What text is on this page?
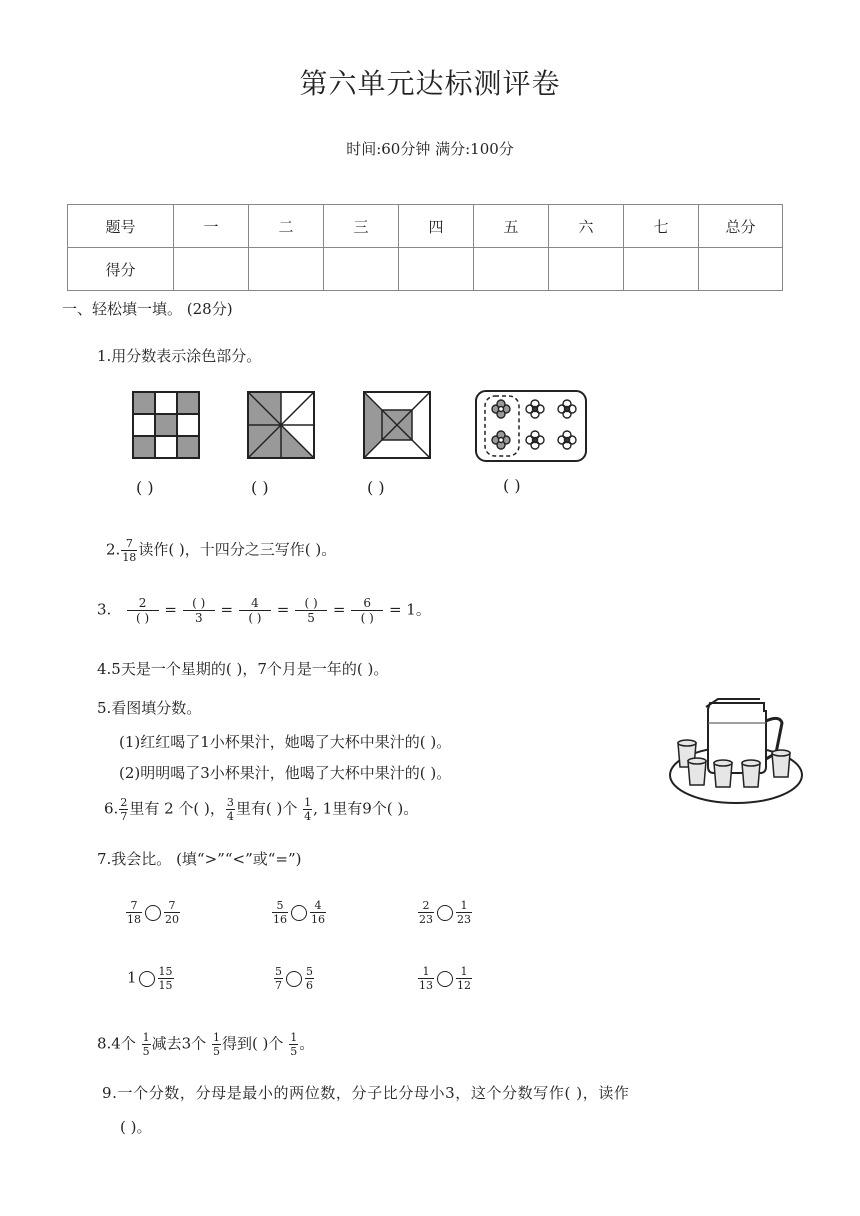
第六单元达标测评卷
时间:60分钟 满分:100分
题号	一	二	三	四	五	六	七	总分
得分								
一、轻松填一填。 (28分)
1.用分数表示涂色部分。
( )	( )	( )	( )
2. $\frac{7}{18}$ 读作( )，十四分之三写作( )。
3. $\frac{2}{( )} = \frac{( )}{3} = \frac{4}{( )} = \frac{( )}{5} = \frac{6}{( )} = 1$。
4.5天是一个星期的( )，7个月是一年的( )。
5.看图填分数。
(1)红红喝了1小杯果汁，她喝了大杯中果汁的( )。
(2)明明喝了3小杯果汁，他喝了大杯中果汁的( )。
6. $\frac{2}{7}$ 里有 2 个( )， $\frac{3}{4}$ 里有( )个 $\frac{1}{4}$ , 1里有9个( )。
7.我会比。 (填“>”“<”或“=”)
$\frac{7}{18} \frac{7}{20}$	$\frac{5}{16} \frac{4}{16}$	$\frac{2}{23} \frac{1}{23}$
$1 \frac{15}{15}$	$\frac{5}{7} \frac{5}{6}$	$\frac{1}{13} \frac{1}{12}$
8.4个 $\frac{1}{5}$ 减去3个 $\frac{1}{5}$ 得到( )个 $\frac{1}{5}$ 。
9.一个分数，分母是最小的两位数，分子比分母小3，这个分数写作( )，读作
( )。
